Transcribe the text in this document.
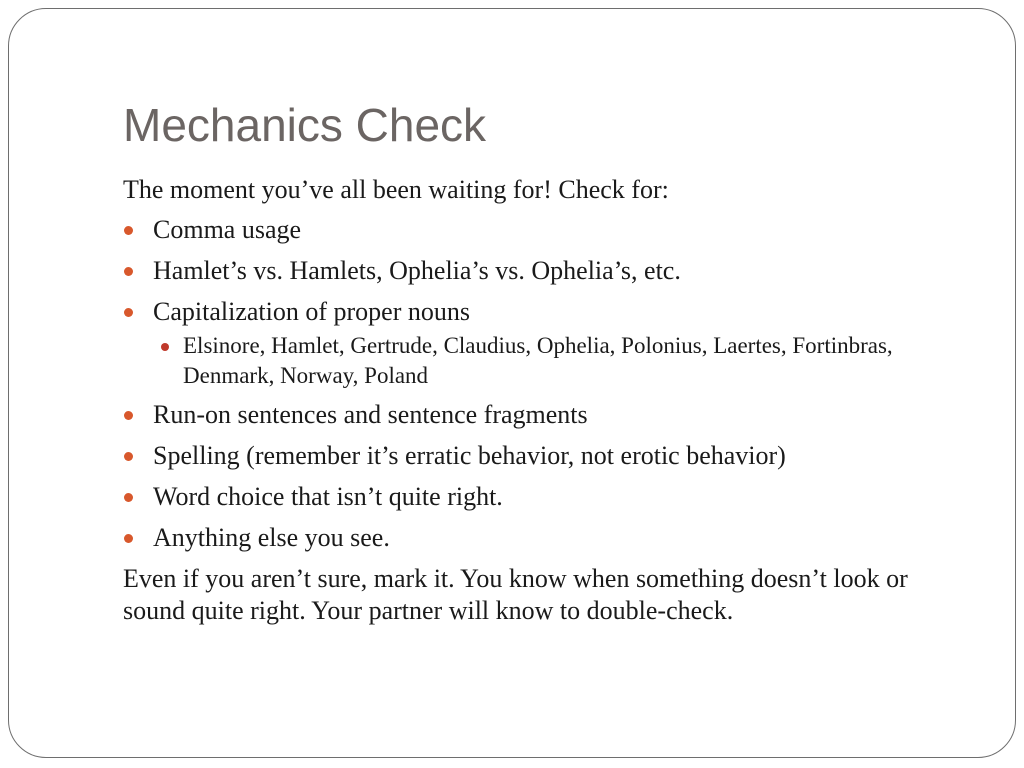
Mechanics Check

The moment you’ve all been waiting for! Check for:

Comma usage
Hamlet’s vs. Hamlets, Ophelia’s vs. Ophelia’s, etc.
Capitalization of proper nouns
Elsinore, Hamlet, Gertrude, Claudius, Ophelia, Polonius, Laertes, Fortinbras, Denmark, Norway, Poland
Run-on sentences and sentence fragments
Spelling (remember it’s erratic behavior, not erotic behavior)
Word choice that isn’t quite right.
Anything else you see.

Even if you aren’t sure, mark it. You know when something doesn’t look or sound quite right. Your partner will know to double-check.
